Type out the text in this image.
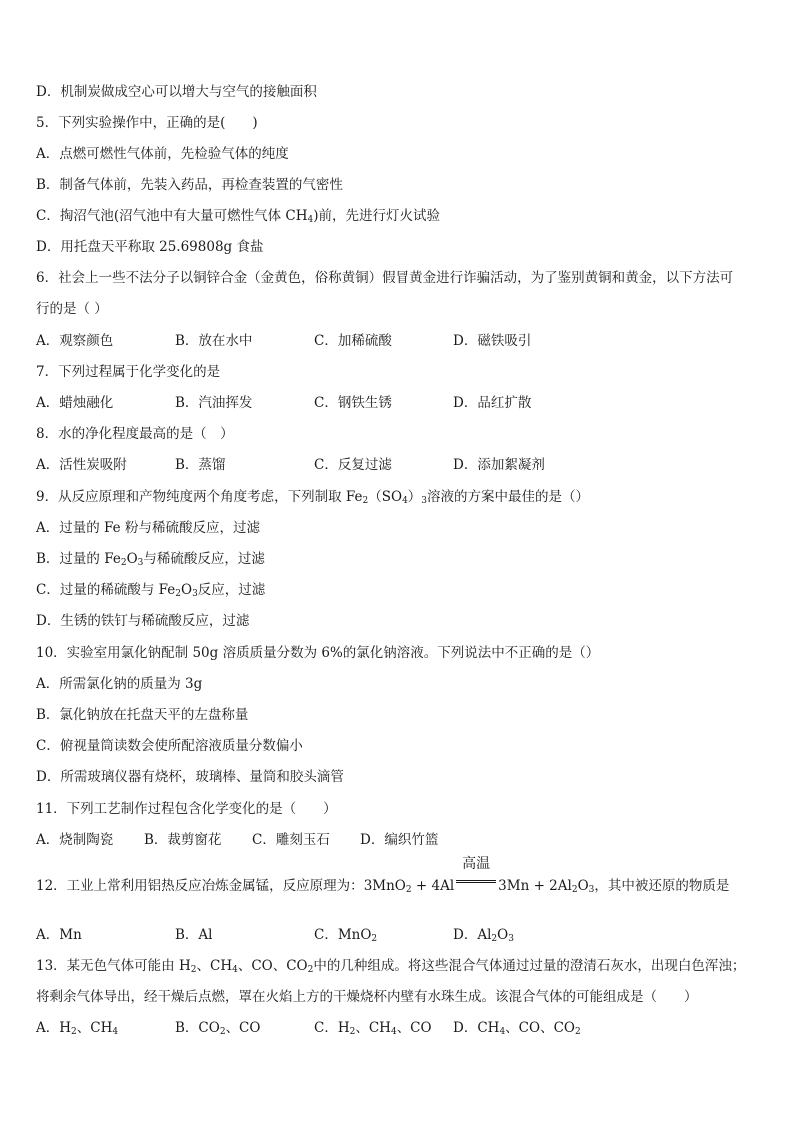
D．机制炭做成空心可以增大与空气的接触面积
5．下列实验操作中，正确的是(　　)
A．点燃可燃性气体前，先检验气体的纯度
B．制备气体前，先装入药品，再检查装置的气密性
C．掏沼气池(沼气池中有大量可燃性气体 $CH_4$)前，先进行灯火试验
D．用托盘天平称取 25.69808g 食盐
6．社会上一些不法分子以铜锌合金（金黄色，俗称黄铜）假冒黄金进行诈骗活动，为了鉴别黄铜和黄金，以下方法可
行的是（ ）
A．观察颜色	B．放在水中	C．加稀硫酸	D．磁铁吸引
7．下列过程属于化学变化的是
A．蜡烛融化	B．汽油挥发	C．钢铁生锈	D．品红扩散
8．水的净化程度最高的是（　）
A．活性炭吸附	B．蒸馏	C．反复过滤	D．添加絮凝剂
9．从反应原理和产物纯度两个角度考虑，下列制取 $Fe_2(SO_4)_3$溶液的方案中最佳的是（）
A．过量的 Fe 粉与稀硫酸反应，过滤
B．过量的 $Fe_2O_3$与稀硫酸反应，过滤
C．过量的稀硫酸与 $Fe_2O_3$反应，过滤
D．生锈的铁钉与稀硫酸反应，过滤
10．实验室用氯化钠配制 50g 溶质质量分数为 6%的氯化钠溶液。下列说法中不正确的是（）
A．所需氯化钠的质量为 3g
B．氯化钠放在托盘天平的左盘称量
C．俯视量筒读数会使所配溶液质量分数偏小
D．所需玻璃仪器有烧杯，玻璃棒、量筒和胶头滴管
11．下列工艺制作过程包含化学变化的是（　　）
A．烧制陶瓷 B．裁剪窗花 C．雕刻玉石 D．编织竹篮
12．工业上常利用铝热反应冶炼金属锰，反应原理为：3MnO$_2$ + 4Al
高温
$3Mn + 2Al_2O_3$，其中被还原的物质是
A．Mn	B．Al	C．MnO$_2$	D．$Al_2O_3$
13．某无色气体可能由 $H_2$、$CH_4$、CO、$CO_2$中的几种组成。将这些混合气体通过过量的澄清石灰水，出现白色浑浊；
将剩余气体导出，经干燥后点燃，罩在火焰上方的干燥烧杯内壁有水珠生成。该混合气体的可能组成是（　　）
A．$H_2$、$CH_4$	B．$CO_2$、CO	C．$H_2$、$CH_4$、CO D．$CH_4$、CO、$CO_2$
